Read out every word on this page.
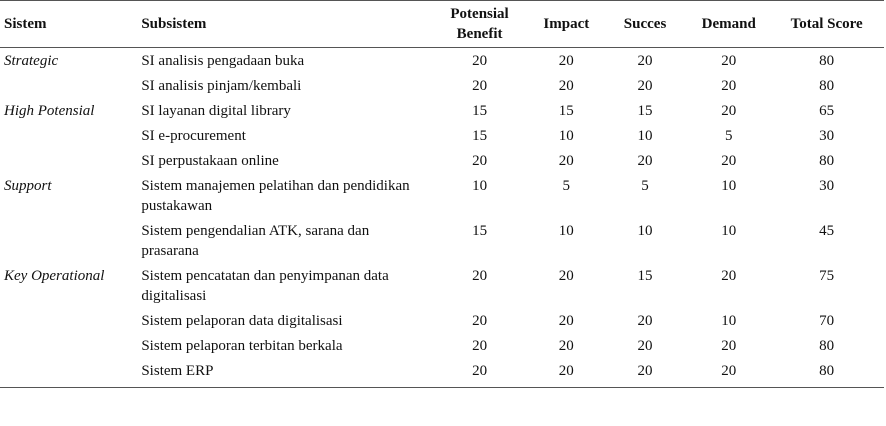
Sistem	Subsistem	Potensial Benefit	Impact	Succes	Demand	Total Score
Strategic	SI analisis pengadaan buka	20	20	20	20	80
	SI analisis pinjam/kembali	20	20	20	20	80
High Potensial	SI layanan digital library	15	15	15	20	65
	SI e-procurement	15	10	10	5	30
	SI perpustakaan online	20	20	20	20	80
Support	Sistem manajemen pelatihan dan pendidikan pustakawan	10	5	5	10	30
	Sistem pengendalian ATK, sarana dan prasarana	15	10	10	10	45
Key Operational	Sistem pencatatan dan penyimpanan data digitalisasi	20	20	15	20	75
	Sistem pelaporan data digitalisasi	20	20	20	10	70
	Sistem pelaporan terbitan berkala	20	20	20	20	80
	Sistem ERP	20	20	20	20	80
